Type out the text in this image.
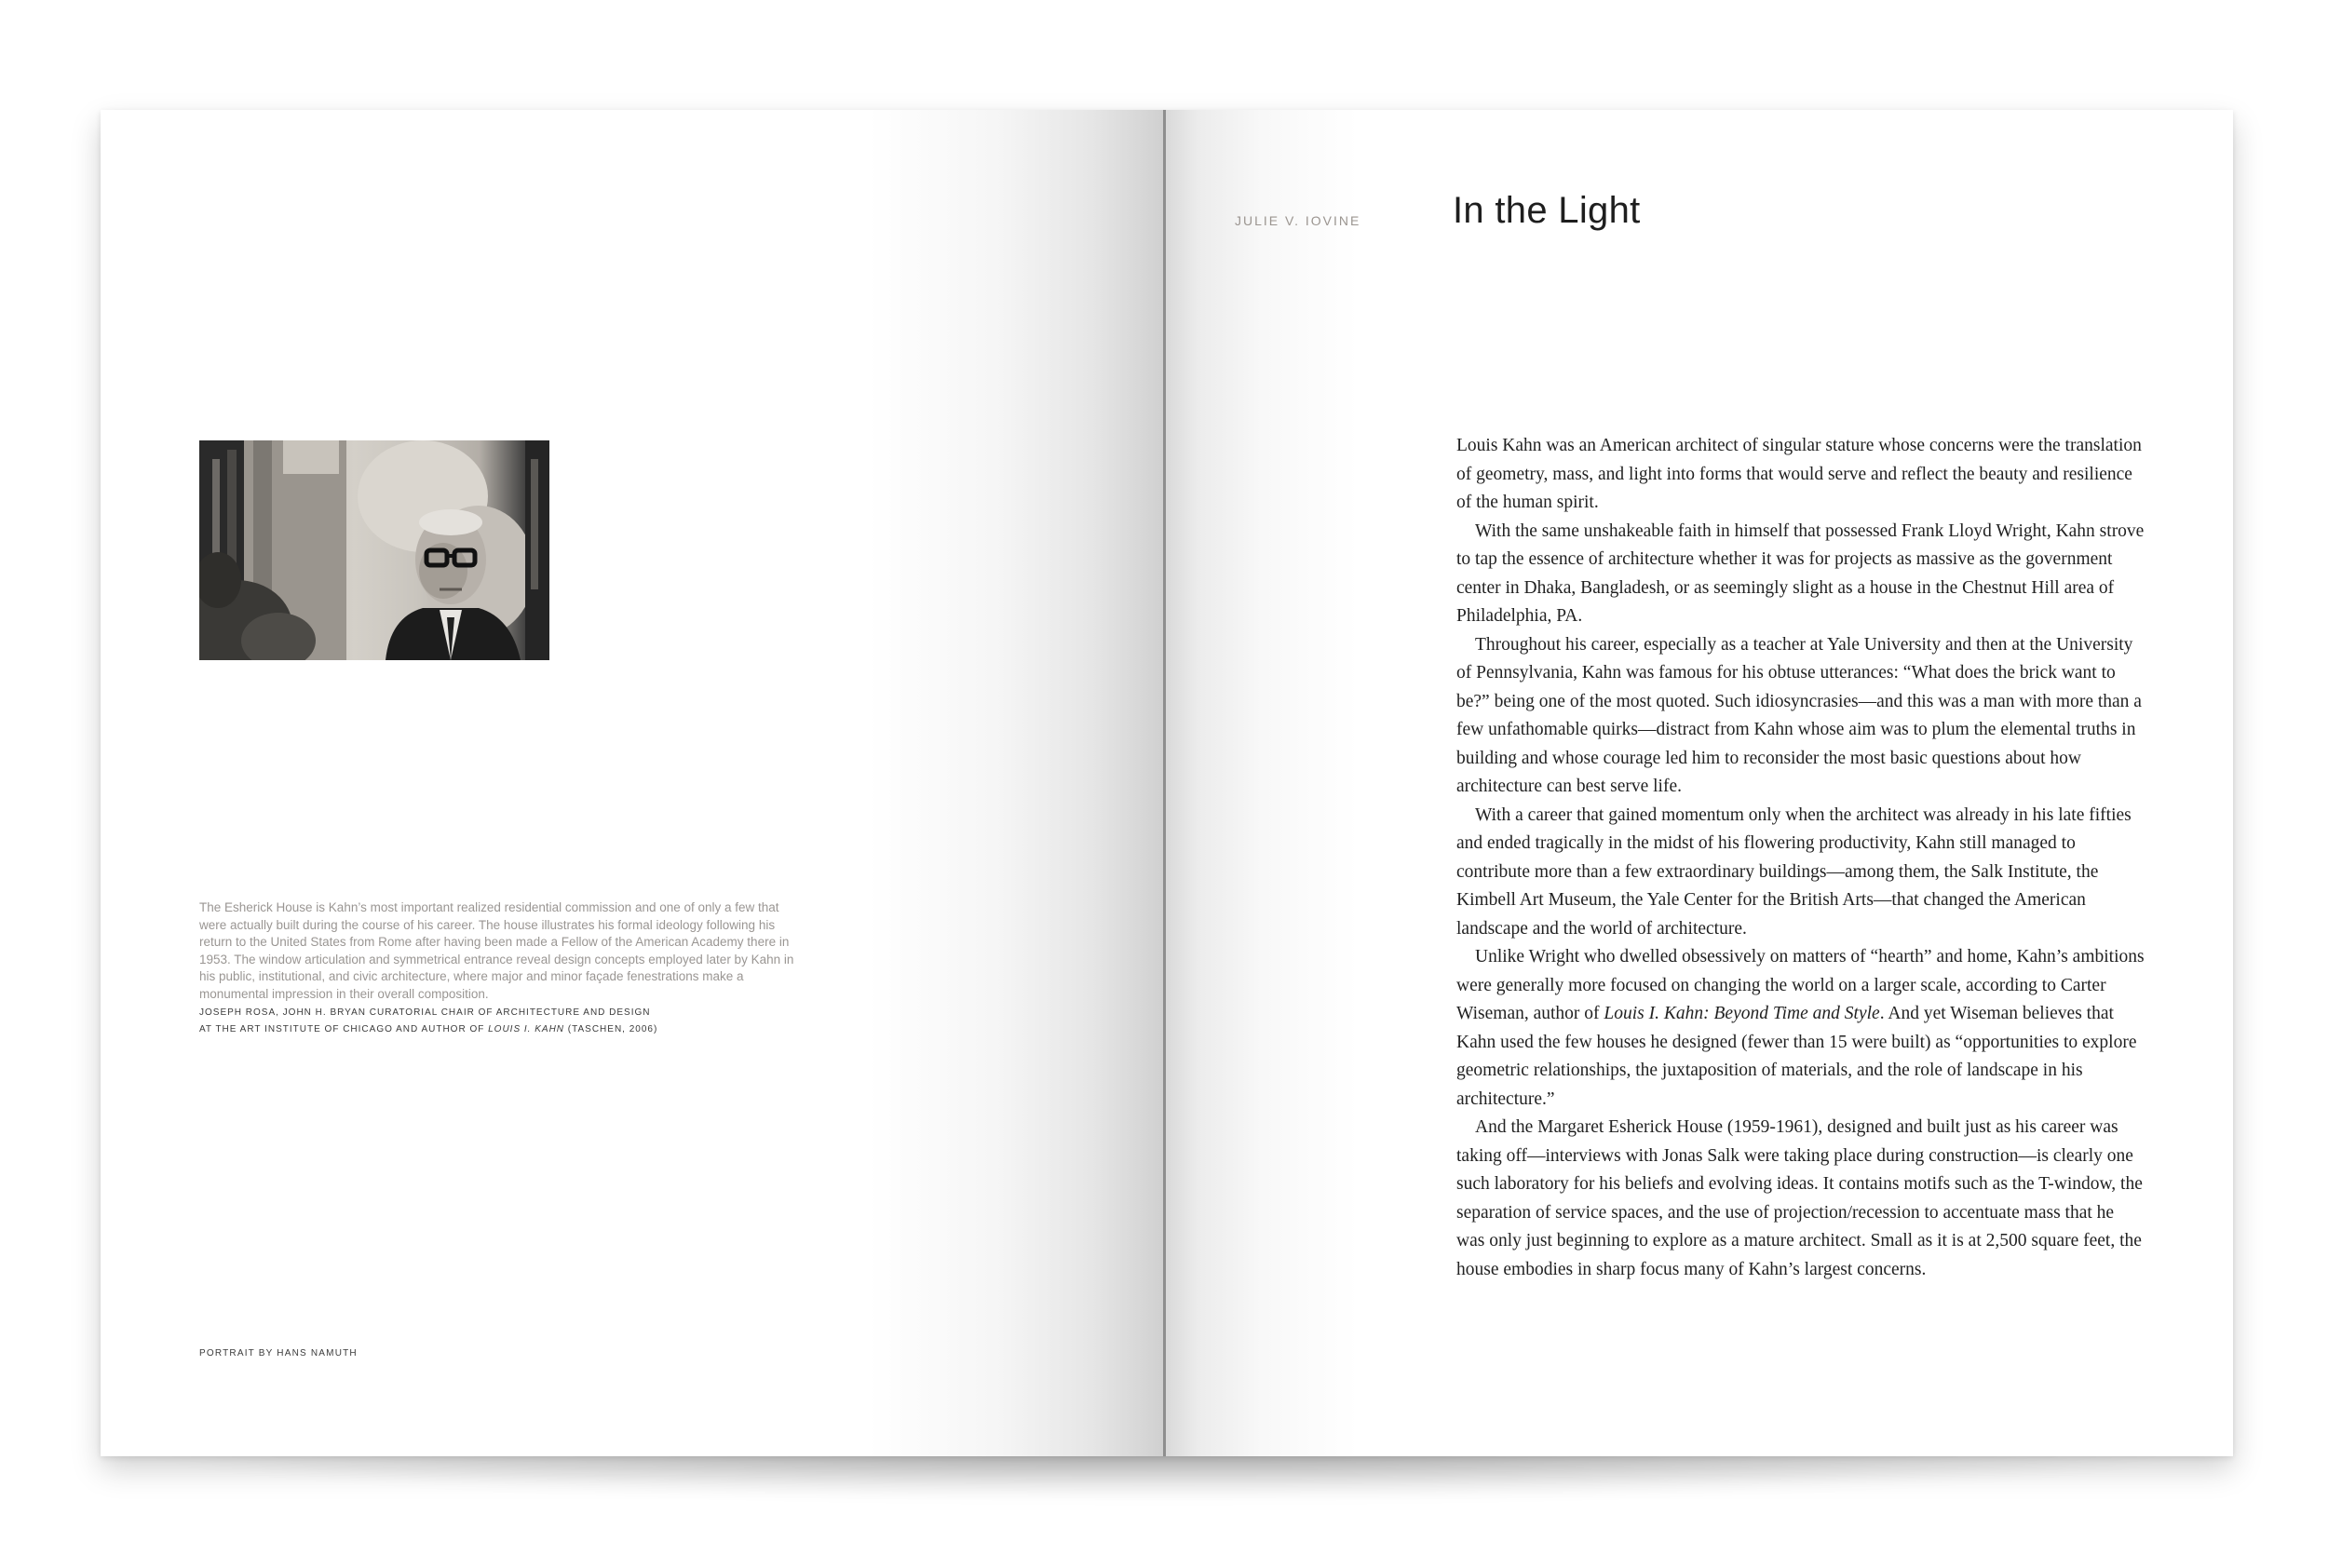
The Esherick House is Kahn’s most important realized residential commission and one of only a few that were actually built during the course of his career. The house illustrates his formal ideology following his return to the United States from Rome after having been made a Fellow of the American Academy there in 1953. The window articulation and symmetrical entrance reveal design concepts employed later by Kahn in his public, institutional, and civic architecture, where major and minor façade fenestrations make a monumental impression in their overall composition.

JOSEPH ROSA, JOHN H. BRYAN CURATORIAL CHAIR OF ARCHITECTURE AND DESIGN
AT THE ART INSTITUTE OF CHICAGO AND AUTHOR OF LOUIS I. KAHN (TASCHEN, 2006)
PORTRAIT BY HANS NAMUTH
JULIE V. IOVINE In the Light

Louis Kahn was an American architect of singular stature whose concerns were the translation of geometry, mass, and light into forms that would serve and reflect the beauty and resilience of the human spirit.

With the same unshakeable faith in himself that possessed Frank Lloyd Wright, Kahn strove to tap the essence of architecture whether it was for projects as massive as the government center in Dhaka, Bangladesh, or as seemingly slight as a house in the Chestnut Hill area of Philadelphia, PA.

Throughout his career, especially as a teacher at Yale University and then at the University of Pennsylvania, Kahn was famous for his obtuse utterances: “What does the brick want to be?” being one of the most quoted. Such idiosyncrasies—and this was a man with more than a few unfathomable quirks—distract from Kahn whose aim was to plum the elemental truths in building and whose courage led him to reconsider the most basic questions about how architecture can best serve life.

With a career that gained momentum only when the architect was already in his late fifties and ended tragically in the midst of his flowering productivity, Kahn still managed to contribute more than a few extraordinary buildings—among them, the Salk Institute, the Kimbell Art Museum, the Yale Center for the British Arts—that changed the American landscape and the world of architecture.

Unlike Wright who dwelled obsessively on matters of “hearth” and home, Kahn’s ambitions were generally more focused on changing the world on a larger scale, according to Carter Wiseman, author of Louis I. Kahn: Beyond Time and Style. And yet Wiseman believes that Kahn used the few houses he designed (fewer than 15 were built) as “opportunities to explore geometric relationships, the juxtaposition of materials, and the role of landscape in his architecture.”

And the Margaret Esherick House (1959-1961), designed and built just as his career was taking off—interviews with Jonas Salk were taking place during construction—is clearly one such laboratory for his beliefs and evolving ideas. It contains motifs such as the T-window, the separation of service spaces, and the use of projection/recession to accentuate mass that he was only just beginning to explore as a mature architect. Small as it is at 2,500 square feet, the house embodies in sharp focus many of Kahn’s largest concerns.
